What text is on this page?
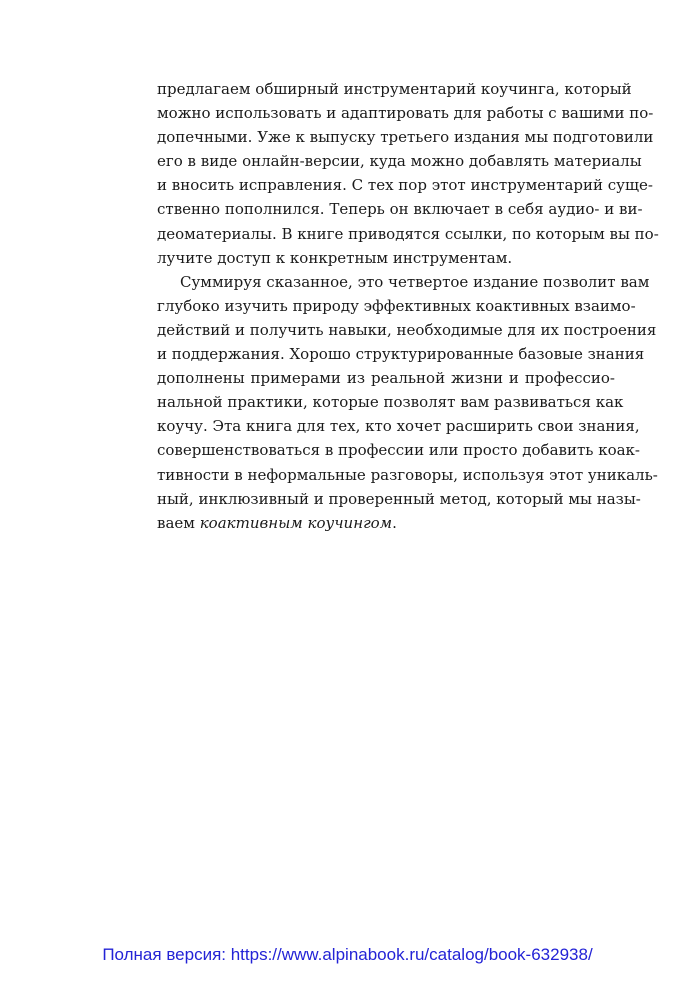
предлагаем обширный инструментарий коучинга, который
можно использовать и адаптировать для работы с вашими по-
допечными. Уже к выпуску третьего издания мы подготовили
его в виде онлайн-версии, куда можно добавлять материалы
и вносить исправления. С тех пор этот инструментарий суще-
ственно пополнился. Теперь он включает в себя аудио- и ви-
деоматериалы. В книге приводятся ссылки, по которым вы по-
лучите доступ к конкретным инструментам.
Суммируя сказанное, это четвертое издание позволит вам
глубоко изучить природу эффективных коактивных взаимо-
действий и получить навыки, необходимые для их построения
и поддержания. Хорошо структурированные базовые знания
дополнены примерами из реальной жизни и профессио-
нальной практики, которые позволят вам развиваться как
коучу. Эта книга для тех, кто хочет расширить свои знания,
совершенствоваться в профессии или просто добавить коак-
тивности в неформальные разговоры, используя этот уникаль-
ный, инклюзивный и проверенный метод, который мы назы-
ваем коактивным коучингом.
Полная версия: https://www.alpinabook.ru/catalog/book-632938/
